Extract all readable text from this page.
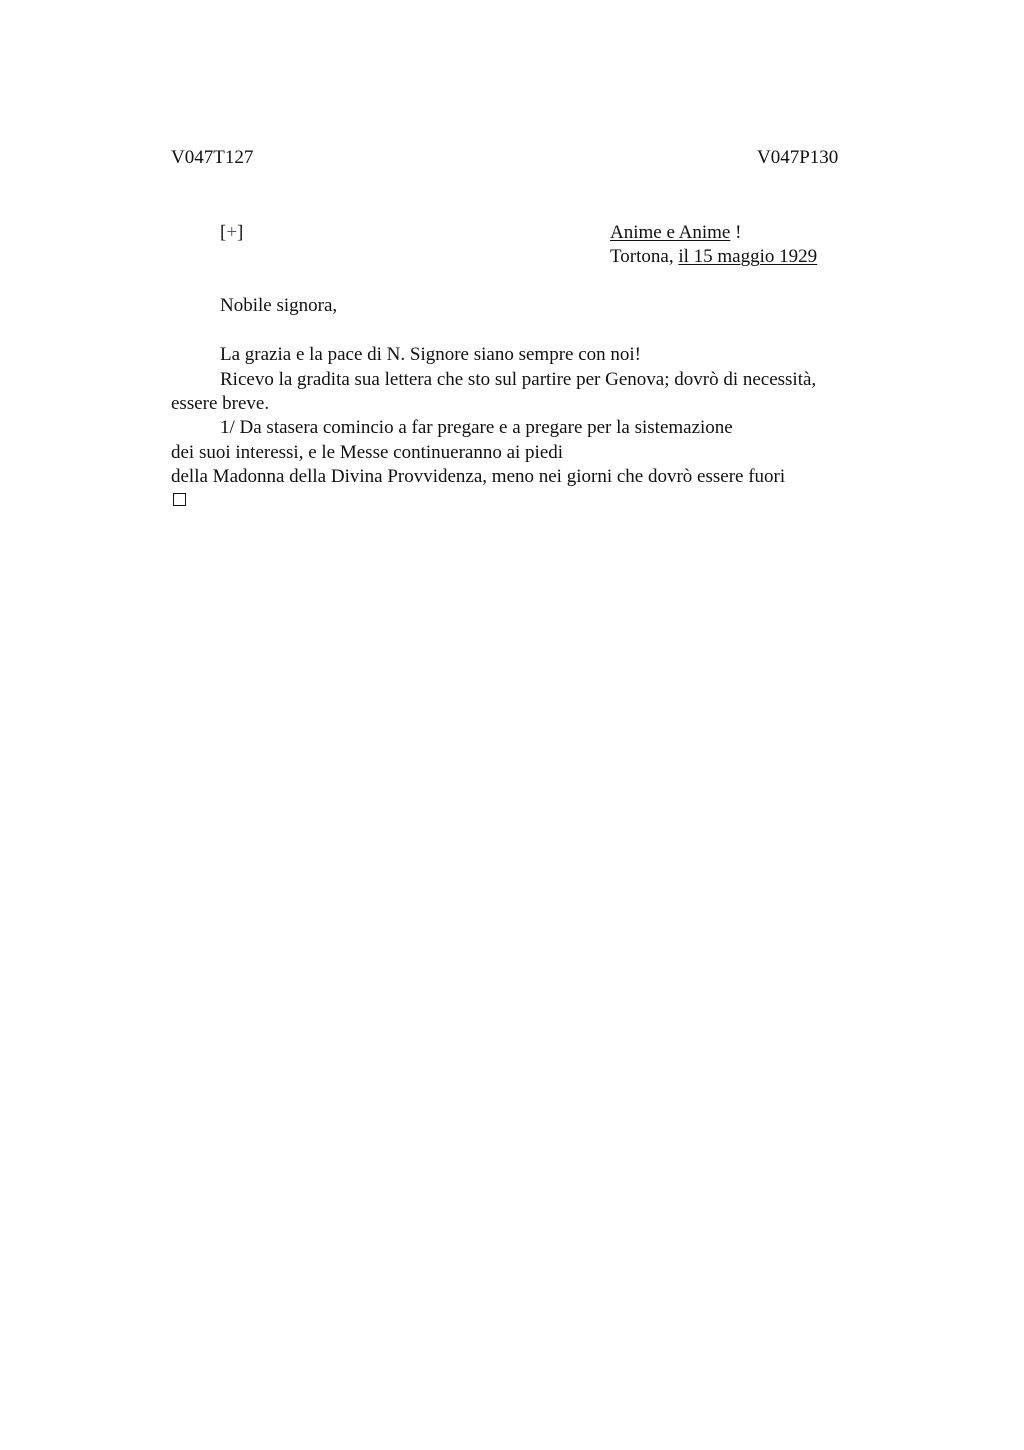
V047T127	V047P130
[+]	Anime e Anime !
Tortona, il 15 maggio 1929
Nobile signora,
La grazia e la pace di N. Signore siano sempre con noi!
Ricevo la gradita sua lettera che sto sul partire per Genova; dovrò di necessità,
essere breve.
1/ Da stasera comincio a far pregare e a pregare per la sistemazione
dei suoi interessi, e le Messe continueranno ai piedi
della Madonna della Divina Provvidenza, meno nei giorni che dovrò essere fuori
